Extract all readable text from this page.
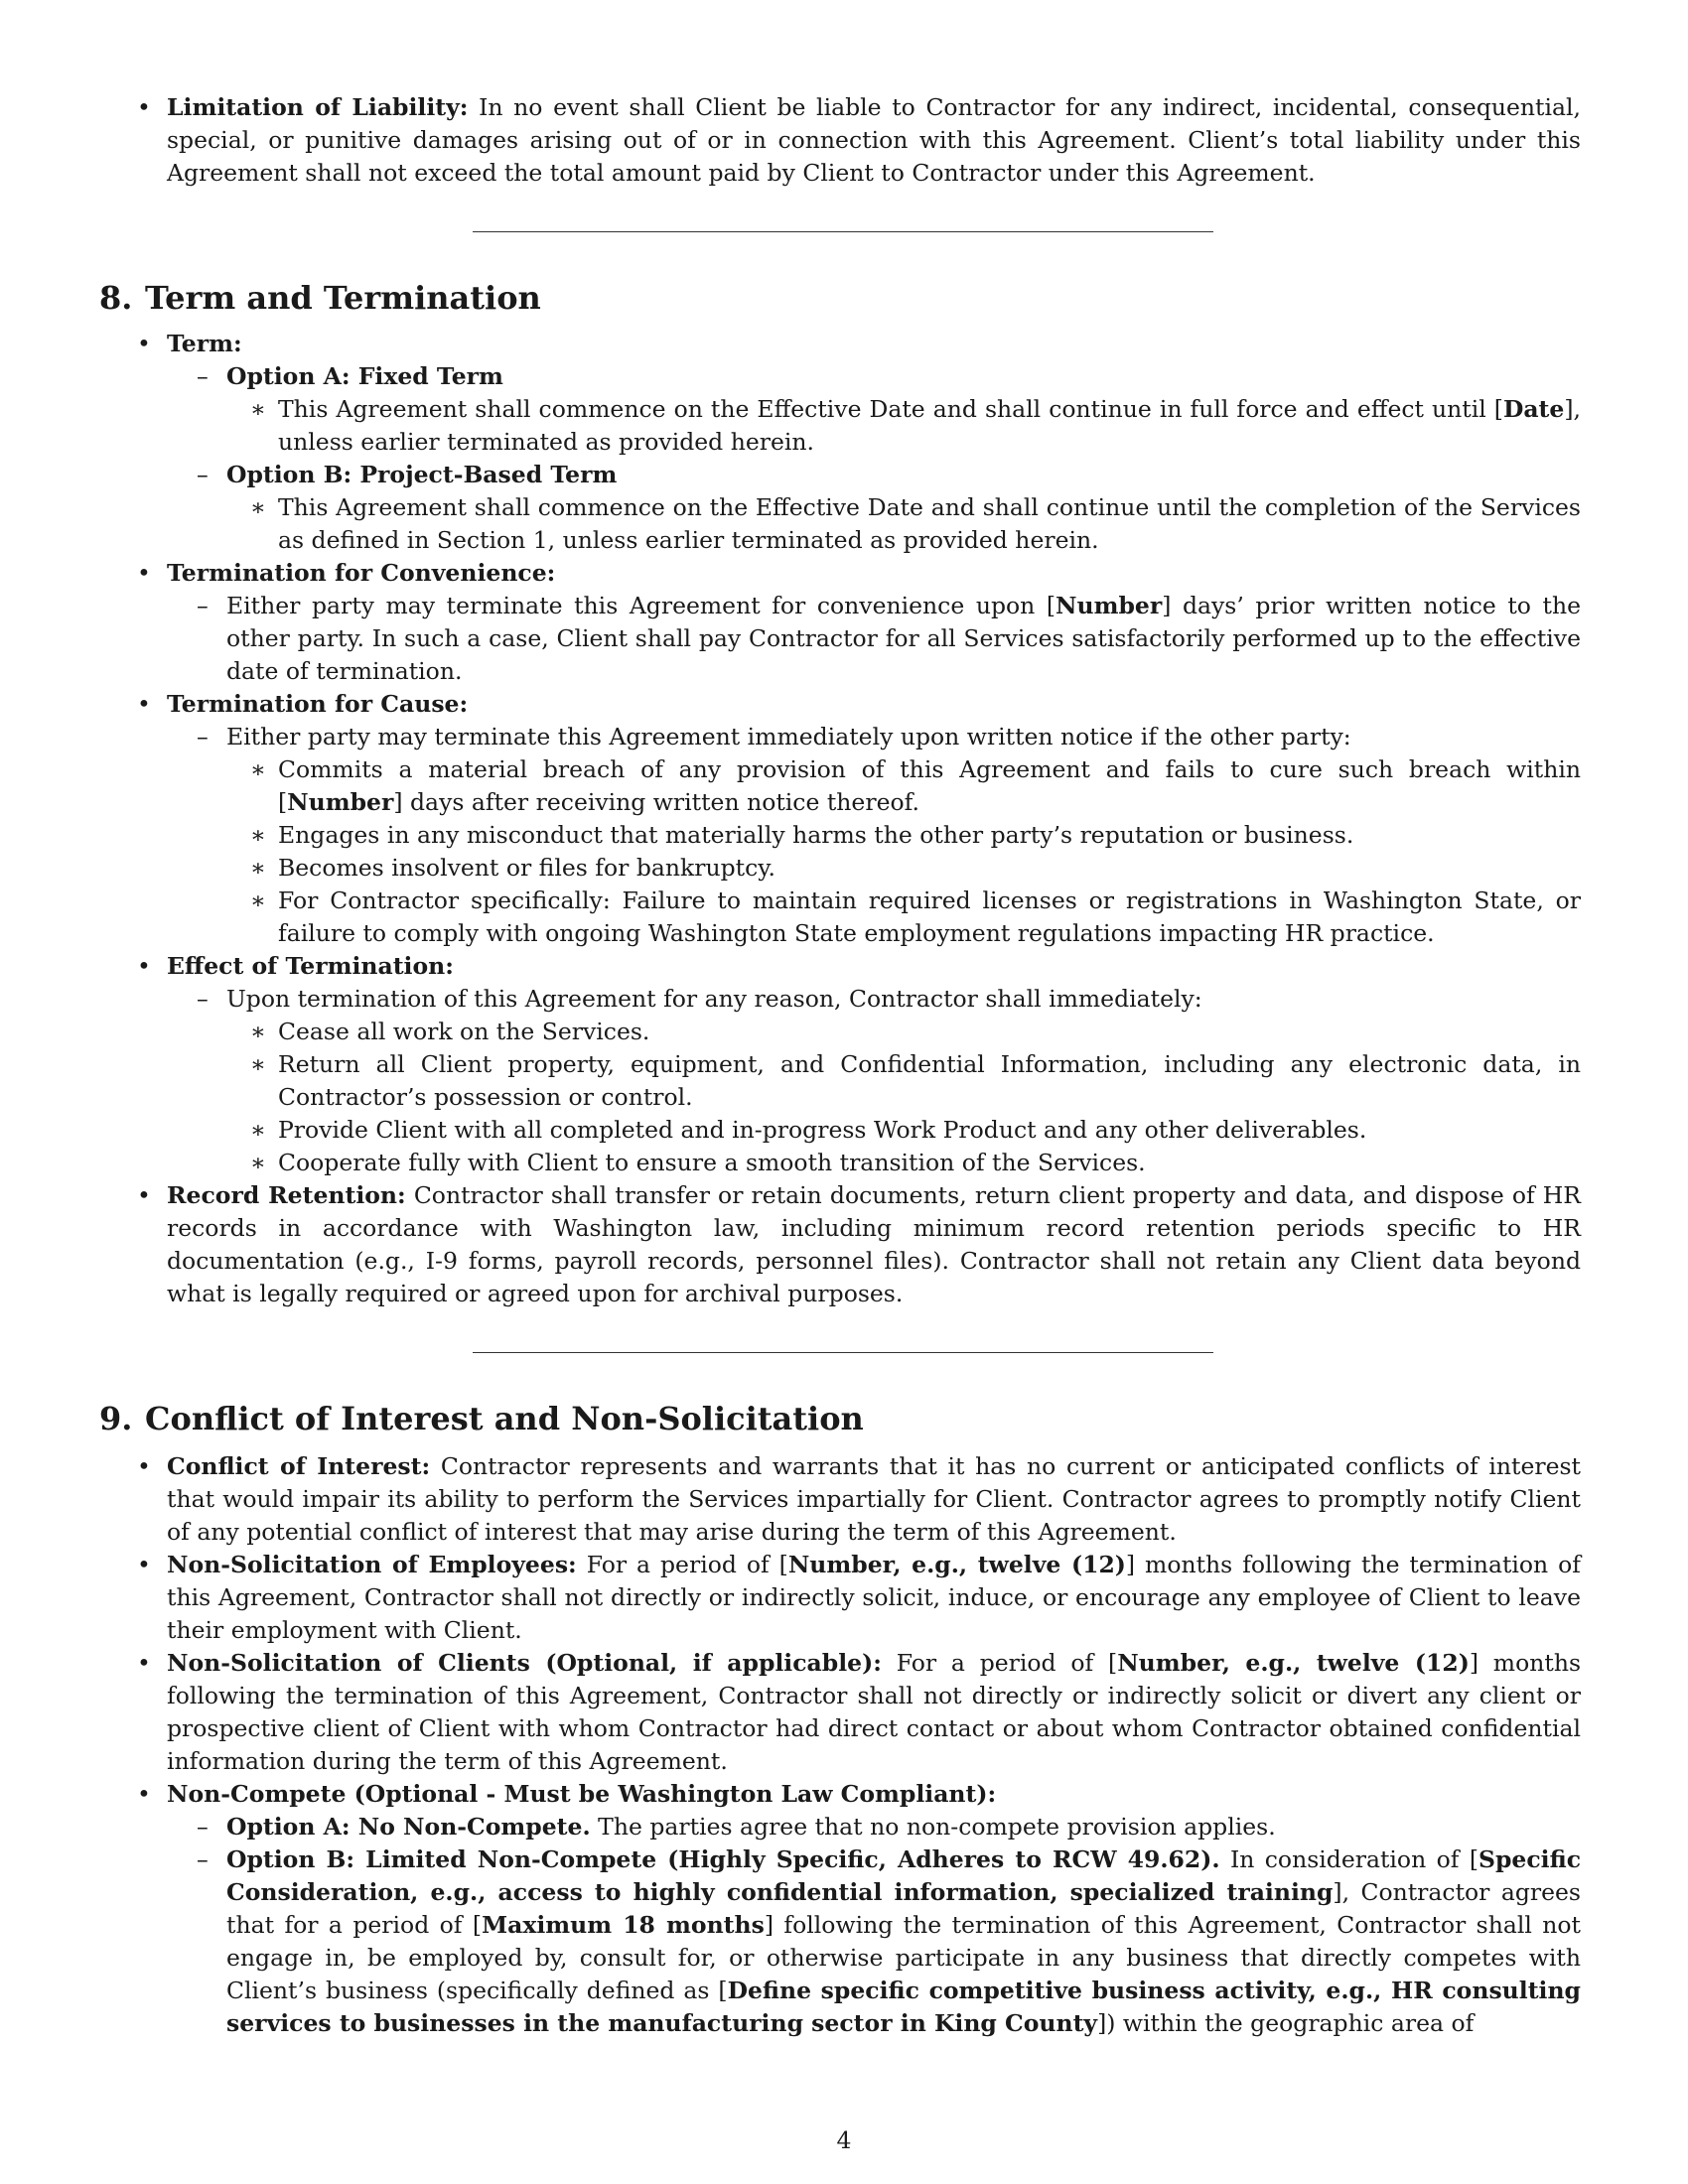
• Limitation of Liability: In no event shall Client be liable to Contractor for any indirect, incidental, consequential, special, or punitive damages arising out of or in connection with this Agreement. Client’s total liability under this Agreement shall not exceed the total amount paid by Client to Contractor under this Agreement.
8. Term and Termination
• Term:
– Option A: Fixed Term
∗ This Agreement shall commence on the Effective Date and shall continue in full force and effect until [Date], unless earlier terminated as provided herein.
– Option B: Project-Based Term
∗ This Agreement shall commence on the Effective Date and shall continue until the completion of the Services as defined in Section 1, unless earlier terminated as provided herein.
• Termination for Convenience:
– Either party may terminate this Agreement for convenience upon [Number] days’ prior written notice to the other party. In such a case, Client shall pay Contractor for all Services satisfactorily performed up to the effective date of termination.
• Termination for Cause:
– Either party may terminate this Agreement immediately upon written notice if the other party:
∗ Commits a material breach of any provision of this Agreement and fails to cure such breach within [Number] days after receiving written notice thereof.
∗ Engages in any misconduct that materially harms the other party’s reputation or business.
∗ Becomes insolvent or files for bankruptcy.
∗ For Contractor specifically: Failure to maintain required licenses or registrations in Washington State, or failure to comply with ongoing Washington State employment regulations impacting HR practice.
• Effect of Termination:
– Upon termination of this Agreement for any reason, Contractor shall immediately:
∗ Cease all work on the Services.
∗ Return all Client property, equipment, and Confidential Information, including any electronic data, in Contractor’s possession or control.
∗ Provide Client with all completed and in-progress Work Product and any other deliverables.
∗ Cooperate fully with Client to ensure a smooth transition of the Services.
• Record Retention: Contractor shall transfer or retain documents, return client property and data, and dispose of HR records in accordance with Washington law, including minimum record retention periods specific to HR documentation (e.g., I-9 forms, payroll records, personnel files). Contractor shall not retain any Client data beyond what is legally required or agreed upon for archival purposes.
9. Conflict of Interest and Non-Solicitation
• Conflict of Interest: Contractor represents and warrants that it has no current or anticipated conflicts of interest that would impair its ability to perform the Services impartially for Client. Contractor agrees to promptly notify Client of any potential conflict of interest that may arise during the term of this Agreement.
• Non-Solicitation of Employees: For a period of [Number, e.g., twelve (12)] months following the termination of this Agreement, Contractor shall not directly or indirectly solicit, induce, or encourage any employee of Client to leave their employment with Client.
• Non-Solicitation of Clients (Optional, if applicable): For a period of [Number, e.g., twelve (12)] months following the termination of this Agreement, Contractor shall not directly or indirectly solicit or divert any client or prospective client of Client with whom Contractor had direct contact or about whom Contractor obtained confidential information during the term of this Agreement.
• Non-Compete (Optional - Must be Washington Law Compliant):
– Option A: No Non-Compete. The parties agree that no non-compete provision applies.
– Option B: Limited Non-Compete (Highly Specific, Adheres to RCW 49.62). In consideration of [Specific Consideration, e.g., access to highly confidential information, specialized training], Contractor agrees that for a period of [Maximum 18 months] following the termination of this Agreement, Contractor shall not engage in, be employed by, consult for, or otherwise participate in any business that directly competes with Client’s business (specifically defined as [Define specific competitive business activity, e.g., HR consulting services to businesses in the manufacturing sector in King County]) within the geographic area of
4
